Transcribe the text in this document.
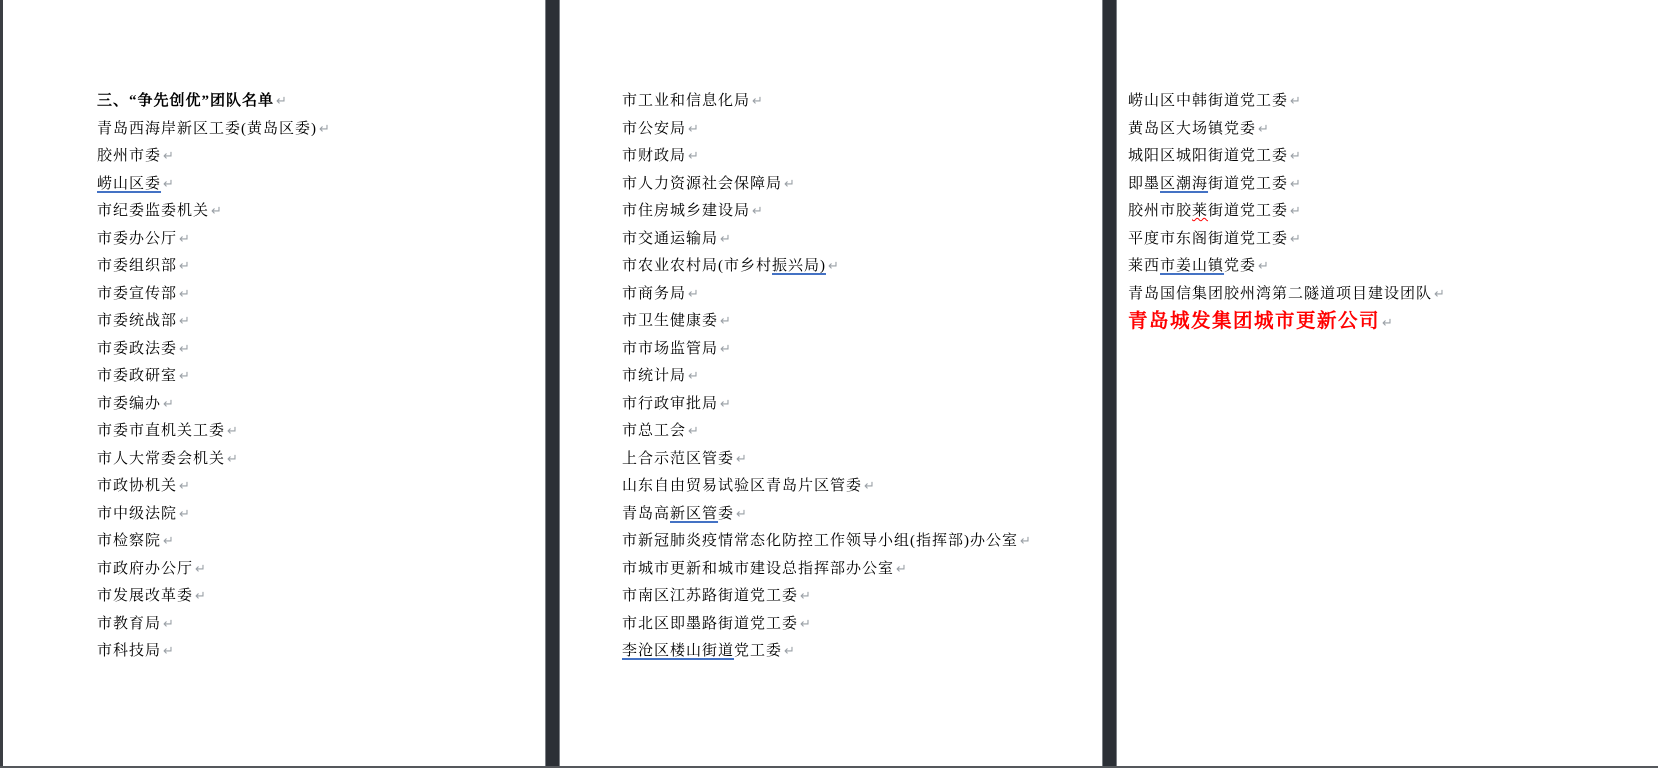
三、“争先创优”团队名单 ↵
青岛西海岸新区工委(黄岛区委) ↵
胶州市委 ↵
崂山区委 ↵
市纪委监委机关 ↵
市委办公厅 ↵
市委组织部 ↵
市委宣传部 ↵
市委统战部 ↵
市委政法委 ↵
市委政研室 ↵
市委编办 ↵
市委市直机关工委 ↵
市人大常委会机关 ↵
市政协机关 ↵
市中级法院 ↵
市检察院 ↵
市政府办公厅 ↵
市发展改革委 ↵
市教育局 ↵
市科技局 ↵
市工业和信息化局 ↵
市公安局 ↵
市财政局 ↵
市人力资源社会保障局 ↵
市住房城乡建设局 ↵
市交通运输局 ↵
市农业农村局(市乡村振兴局) ↵
市商务局 ↵
市卫生健康委 ↵
市市场监管局 ↵
市统计局 ↵
市行政审批局 ↵
市总工会 ↵
上合示范区管委 ↵
山东自由贸易试验区青岛片区管委 ↵
青岛高新区管委 ↵
市新冠肺炎疫情常态化防控工作领导小组(指挥部)办公室 ↵
市城市更新和城市建设总指挥部办公室 ↵
市南区江苏路街道党工委 ↵
市北区即墨路街道党工委 ↵
李沧区楼山街道党工委 ↵
崂山区中韩街道党工委 ↵
黄岛区大场镇党委 ↵
城阳区城阳街道党工委 ↵
即墨区潮海街道党工委 ↵
胶州市胶莱街道党工委 ↵
平度市东阁街道党工委 ↵
莱西市姜山镇党委 ↵
青岛国信集团胶州湾第二隧道项目建设团队 ↵
青岛城发集团城市更新公司 ↵
